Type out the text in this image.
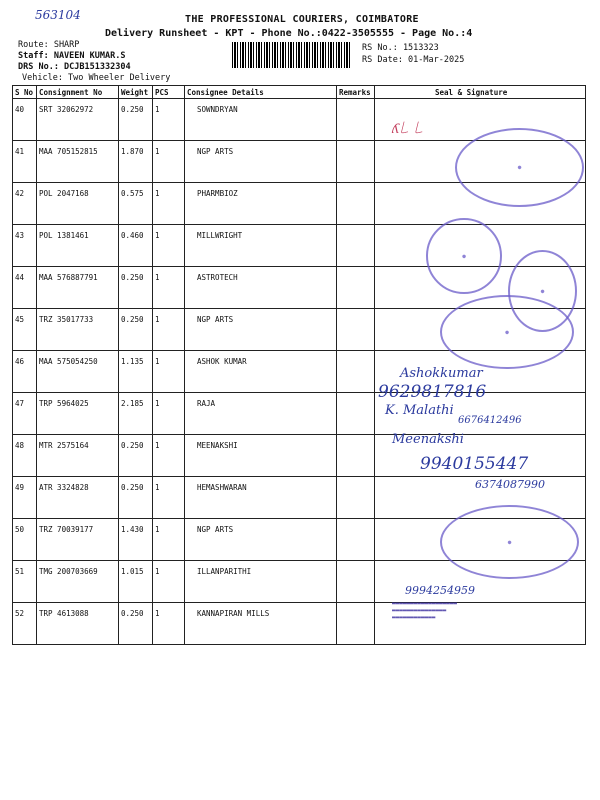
563104	THE PROFESSIONAL COURIERS, COIMBATORE
Delivery Runsheet - KPT - Phone No.:0422-3505555 - Page No.:4
Route: SHARP
Staff: NAVEEN KUMAR.S
DRS No.: DCJB151332304
Vehicle: Two Wheeler Delivery
RS No.: 1513323
RS Date: 01-Mar-2025
S No	Consignment No	Weight	PCS	Consignee Details	Remarks	Seal & Signature
40	SRT 32062972	0.250	1	SOWNDRYAN		
41	MAA 705152815	1.870	1	NGP ARTS		
42	POL 2047168	0.575	1	PHARMBIOZ		
43	POL 1381461	0.460	1	MILLWRIGHT		
44	MAA 576887791	0.250	1	ASTROTECH		
45	TRZ 35017733	0.250	1	NGP ARTS		
46	MAA 575054250	1.135	1	ASHOK KUMAR		
47	TRP 5964025	2.185	1	RAJA		
48	MTR 2575164	0.250	1	MEENAKSHI		
49	ATR 3324828	0.250	1	HEMASHWARAN		
50	TRZ 70039177	1.430	1	NGP ARTS		
51	TMG 200703669	1.015	1	ILLANPARITHI		
52	TRP 4613088	0.250	1	KANNAPIRAN MILLS		
●
●
●
●
●
ʎ꒒ ꒒
Ashokkumar
9629817816
K. Malathi
6676412496
Meenakshi
9940155447
6374087990
9994254959
▬▬▬▬▬▬▬▬▬▬▬▬▬▬▬▬▬▬
▬▬▬▬▬▬▬▬▬▬▬▬▬▬▬
▬▬▬▬▬▬▬▬▬▬▬▬
